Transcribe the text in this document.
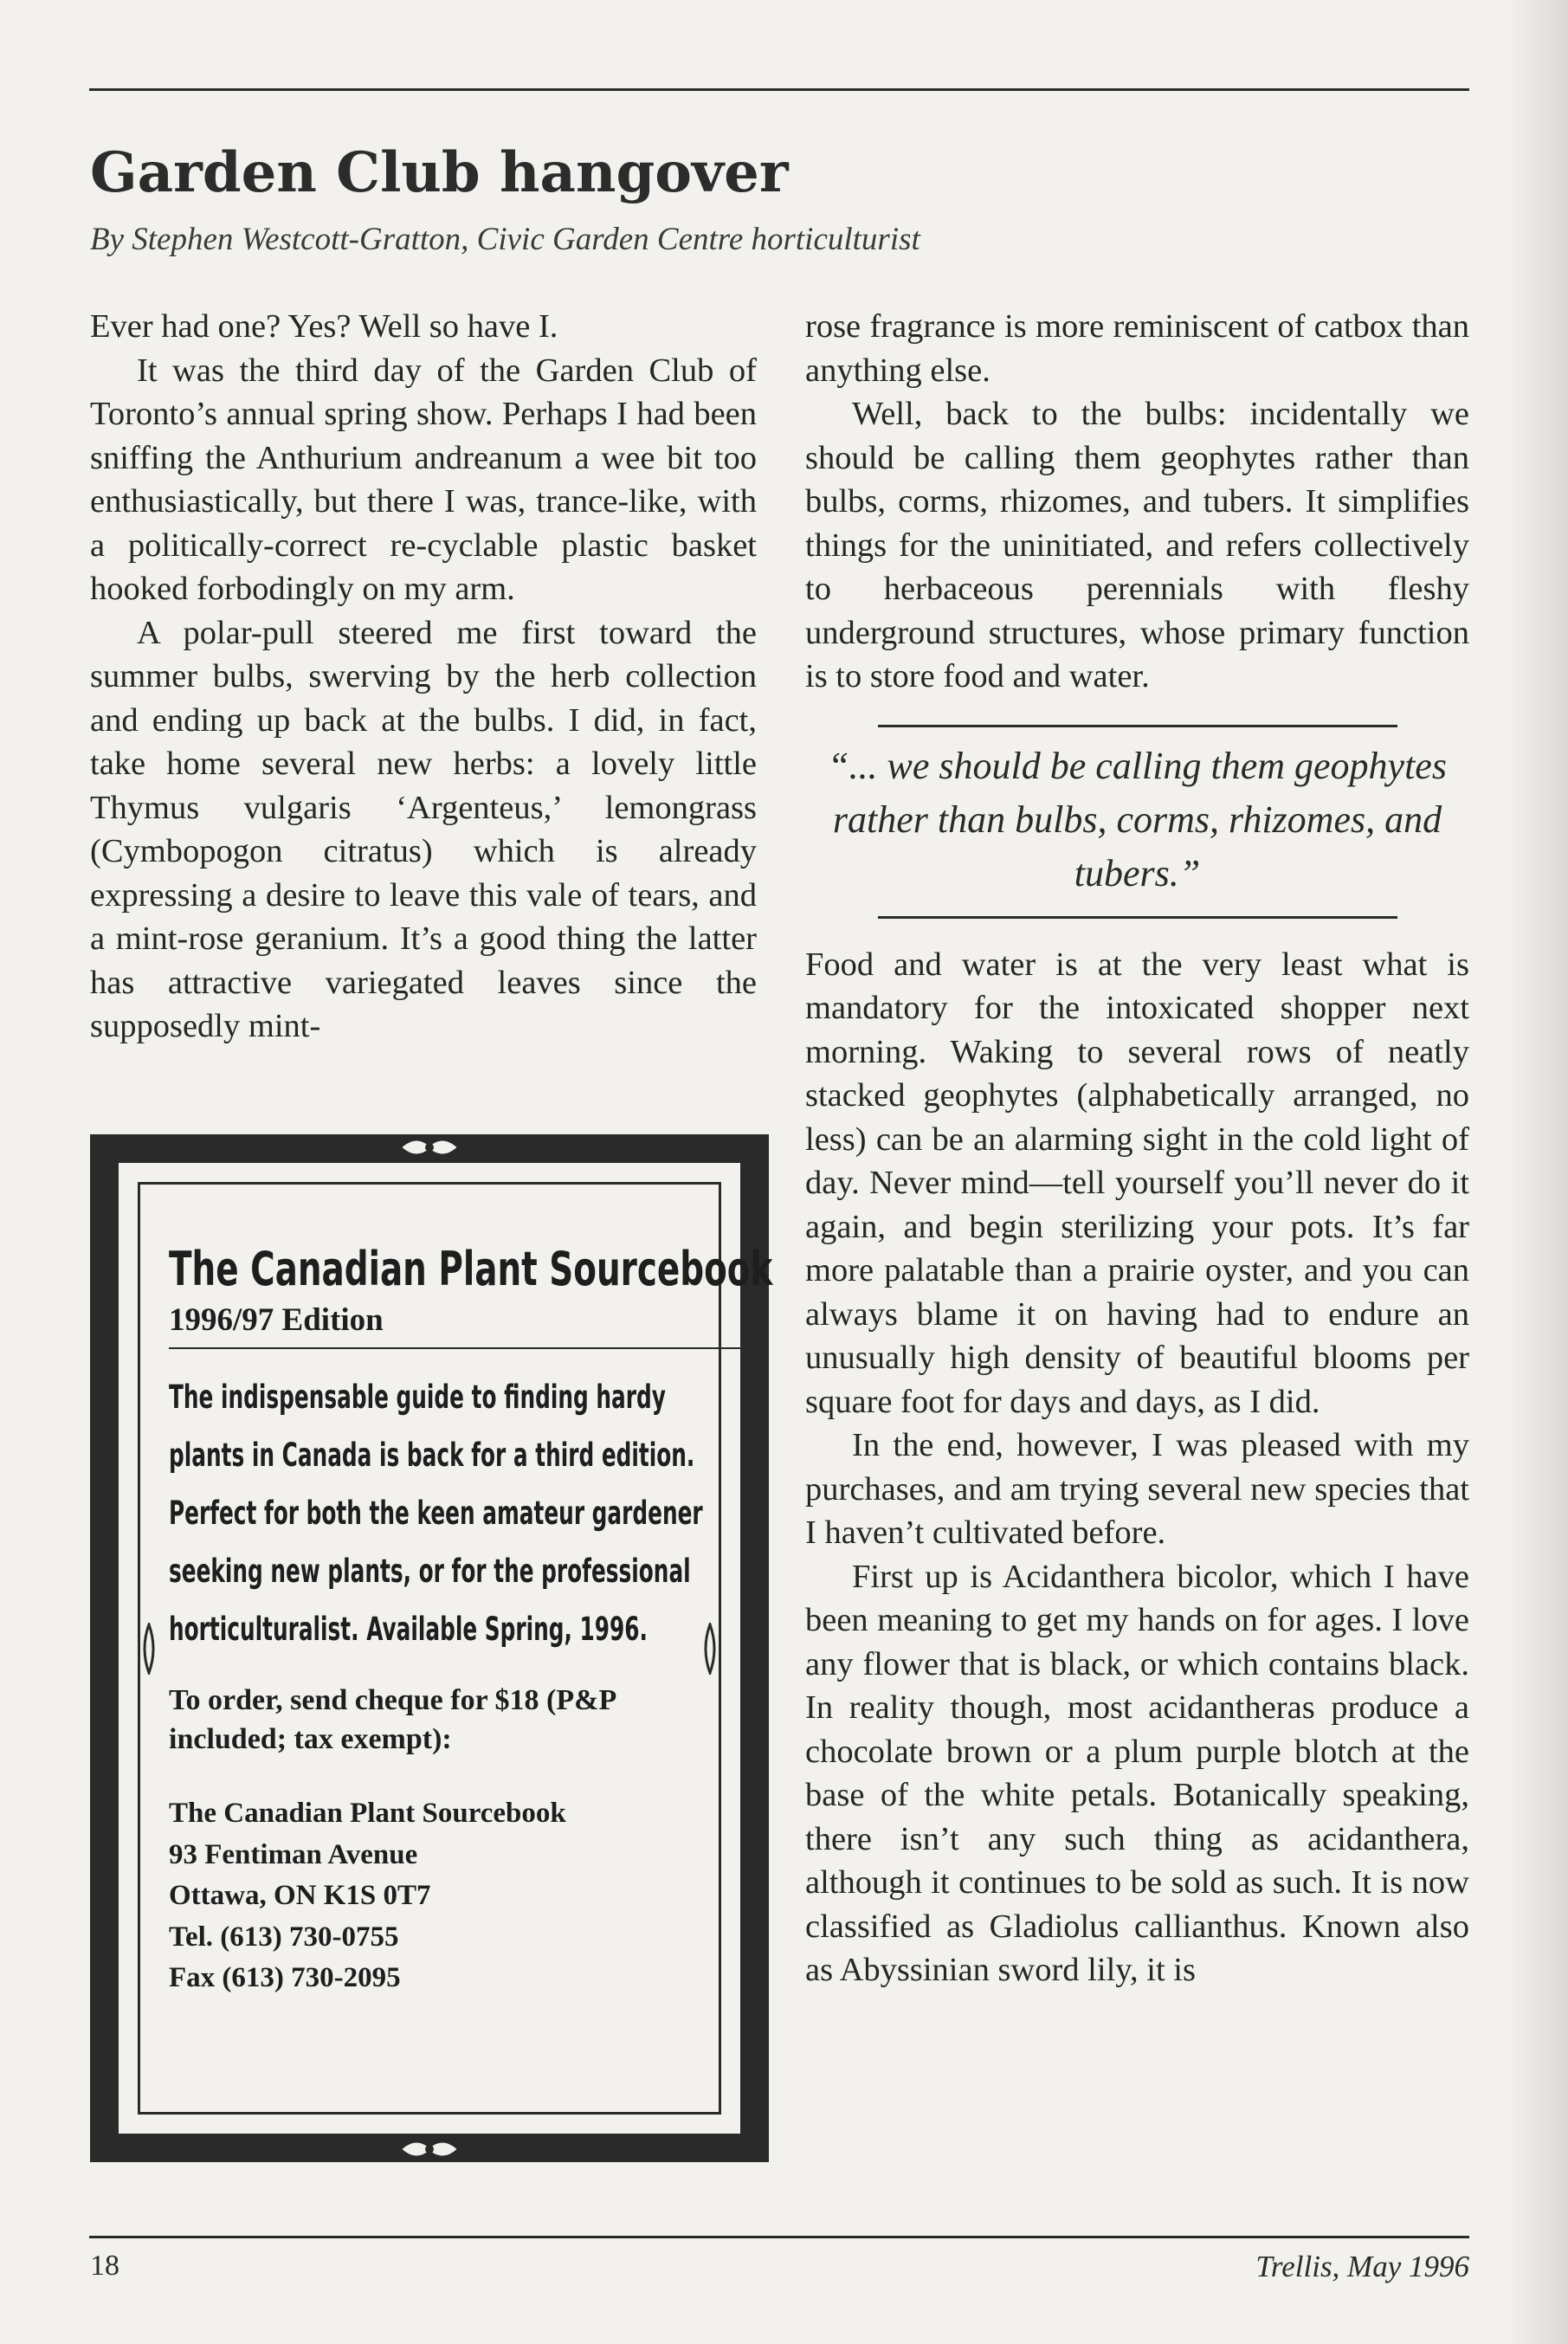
Garden Club hangover

By Stephen Westcott-Gratton, Civic Garden Centre horticulturist

Ever had one? Yes? Well so have I.

It was the third day of the Garden Club of Toronto’s annual spring show. Perhaps I had been sniffing the Anthurium andreanum a wee bit too enthusiastically, but there I was, trance-like, with a politically-correct re-cyclable plastic basket hooked forbodingly on my arm.

A polar-pull steered me first toward the summer bulbs, swerving by the herb collection and ending up back at the bulbs. I did, in fact, take home several new herbs: a lovely little Thymus vulgaris ‘Argenteus,’ lemongrass (Cymbopogon citratus) which is already expressing a desire to leave this vale of tears, and a mint-rose geranium. It’s a good thing the latter has attractive variegated leaves since the supposedly mint-

rose fragrance is more reminiscent of catbox than anything else.

Well, back to the bulbs: incidentally we should be calling them geophytes rather than bulbs, corms, rhizomes, and tubers. It simplifies things for the uninitiated, and refers collectively to herbaceous perennials with fleshy underground structures, whose primary function is to store food and water.

“... we should be calling them geophytes rather than bulbs, corms, rhizomes, and tubers.”

Food and water is at the very least what is mandatory for the intoxicated shopper next morning. Waking to several rows of neatly stacked geophytes (alphabetically arranged, no less) can be an alarming sight in the cold light of day. Never mind—tell yourself you’ll never do it again, and begin sterilizing your pots. It’s far more palatable than a prairie oyster, and you can always blame it on having had to endure an unusually high density of beautiful blooms per square foot for days and days, as I did.

In the end, however, I was pleased with my purchases, and am trying several new species that I haven’t cultivated before.

First up is Acidanthera bicolor, which I have been meaning to get my hands on for ages. I love any flower that is black, or which contains black. In reality though, most acidantheras produce a chocolate brown or a plum purple blotch at the base of the white petals. Botanically speaking, there isn’t any such thing as acidanthera, although it continues to be sold as such. It is now classified as Gladiolus callianthus. Known also as Abyssinian sword lily, it is

The Canadian Plant Sourcebook
1996/97 Edition
The indispensable guide to finding hardy plants in Canada is back for a third edition. Perfect for both the keen amateur gardener seeking new plants, or for the professional horticulturalist. Available Spring, 1996.
To order, send cheque for $18 (P&P included; tax exempt):
The Canadian Plant Sourcebook
93 Fentiman Avenue
Ottawa, ON K1S 0T7
Tel. (613) 730-0755
Fax (613) 730-2095
18	Trellis, May 1996
